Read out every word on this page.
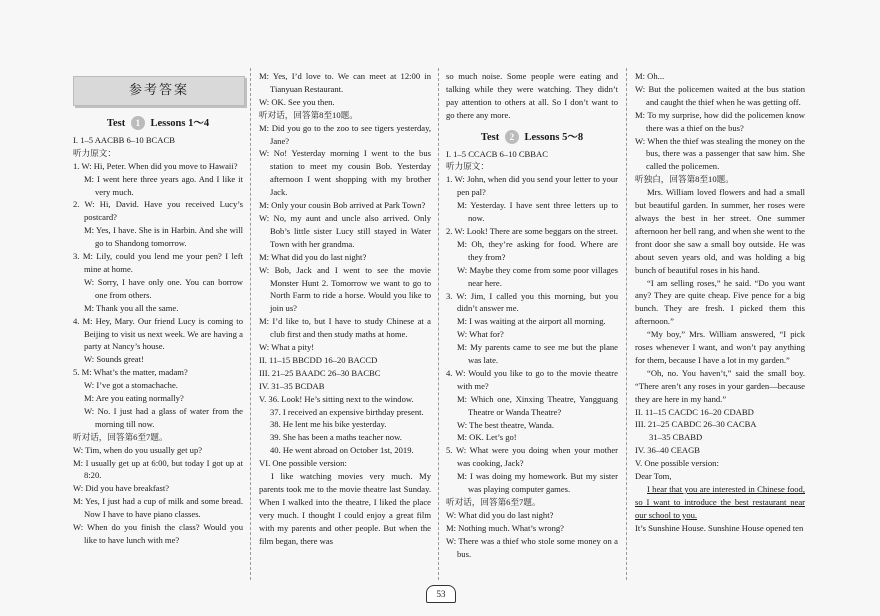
参考答案
Test 1 Lessons 1～4

I. 1–5 AACBB 6–10 BCACB

听力原文：

1. W: Hi, Peter. When did you move to Hawaii?

M: I went here three years ago. And I like it very much.

2. W: Hi, David. Have you received Lucy’s postcard?

M: Yes, I have. She is in Harbin. And she will go to Shandong tomorrow.

3. M: Lily, could you lend me your pen? I left mine at home.

W: Sorry, I have only one. You can borrow one from others.

M: Thank you all the same.

4. M: Hey, Mary. Our friend Lucy is coming to Beijing to visit us next week. We are having a party at Nancy’s house.

W: Sounds great!

5. M: What’s the matter, madam?

W: I’ve got a stomachache.

M: Are you eating normally?

W: No. I just had a glass of water from the morning till now.

听对话，回答第6至7题。

W: Tim, when do you usually get up?

M: I usually get up at 6:00, but today I got up at 8:20.

W: Did you have breakfast?

M: Yes, I just had a cup of milk and some bread. Now I have to have piano classes.

W: When do you finish the class? Would you like to have lunch with me?

M: Yes, I’d love to. We can meet at 12:00 in Tianyuan Restaurant.

W: OK. See you then.

听对话，回答第8至10题。

M: Did you go to the zoo to see tigers yesterday, Jane?

W: No! Yesterday morning I went to the bus station to meet my cousin Bob. Yesterday afternoon I went shopping with my brother Jack.

M: Only your cousin Bob arrived at Park Town?

W: No, my aunt and uncle also arrived. Only Bob’s little sister Lucy still stayed in Water Town with her grandma.

M: What did you do last night?

W: Bob, Jack and I went to see the movie Monster Hunt 2. Tomorrow we want to go to North Farm to ride a horse. Would you like to join us?

M: I’d like to, but I have to study Chinese at a club first and then study maths at home.

W: What a pity!

II. 11–15 BBCDD 16–20 BACCD

III. 21–25 BAADC 26–30 BACBC

IV. 31–35 BCDAB

V. 36. Look! He’s sitting next to the window.

37. I received an expensive birthday present.

38. He lent me his bike yesterday.

39. She has been a maths teacher now.

40. He went abroad on October 1st, 2019.

VI. One possible version:

I like watching movies very much. My parents took me to the movie theatre last Sunday. When I walked into the theatre, I liked the place very much. I thought I could enjoy a great film with my parents and other people. But when the film began, there was

so much noise. Some people were eating and talking while they were watching. They didn’t pay attention to others at all. So I don’t want to go there any more.

Test 2 Lessons 5～8

I. 1–5 CCACB 6–10 CBBAC

听力原文：

1. W: John, when did you send your letter to your pen pal?

M: Yesterday. I have sent three letters up to now.

2. W: Look! There are some beggars on the street.

M: Oh, they’re asking for food. Where are they from?

W: Maybe they come from some poor villages near here.

3. W: Jim, I called you this morning, but you didn’t answer me.

M: I was waiting at the airport all morning.

W: What for?

M: My parents came to see me but the plane was late.

4. W: Would you like to go to the movie theatre with me?

M: Which one, Xinxing Theatre, Yangguang Theatre or Wanda Theatre?

W: The best theatre, Wanda.

M: OK. Let’s go!

5. W: What were you doing when your mother was cooking, Jack?

M: I was doing my homework. But my sister was playing computer games.

听对话，回答第6至7题。

W: What did you do last night?

M: Nothing much. What’s wrong?

W: There was a thief who stole some money on a bus.

M: Oh...

W: But the policemen waited at the bus station and caught the thief when he was getting off.

M: To my surprise, how did the policemen know there was a thief on the bus?

W: When the thief was stealing the money on the bus, there was a passenger that saw him. She called the policemen.

听独白，回答第8至10题。

Mrs. William loved flowers and had a small but beautiful garden. In summer, her roses were always the best in her street. One summer afternoon her bell rang, and when she went to the front door she saw a small boy outside. He was about seven years old, and was holding a big bunch of beautiful roses in his hand.

“I am selling roses,” he said. “Do you want any? They are quite cheap. Five pence for a big bunch. They are fresh. I picked them this afternoon.”

“My boy,” Mrs. William answered, “I pick roses whenever I want, and won’t pay anything for them, because I have a lot in my garden.”

“Oh, no. You haven’t,” said the small boy. “There aren’t any roses in your garden—because they are here in my hand.”

II. 11–15 CACDC 16–20 CDABD

III. 21–25 CABDC 26–30 CACBA

31–35 CBABD

IV. 36–40 CEAGB

V. One possible version:

Dear Tom,

I hear that you are interested in Chinese food, so I want to introduce the best restaurant near our school to you.

It’s Sunshine House. Sunshine House opened ten

53
